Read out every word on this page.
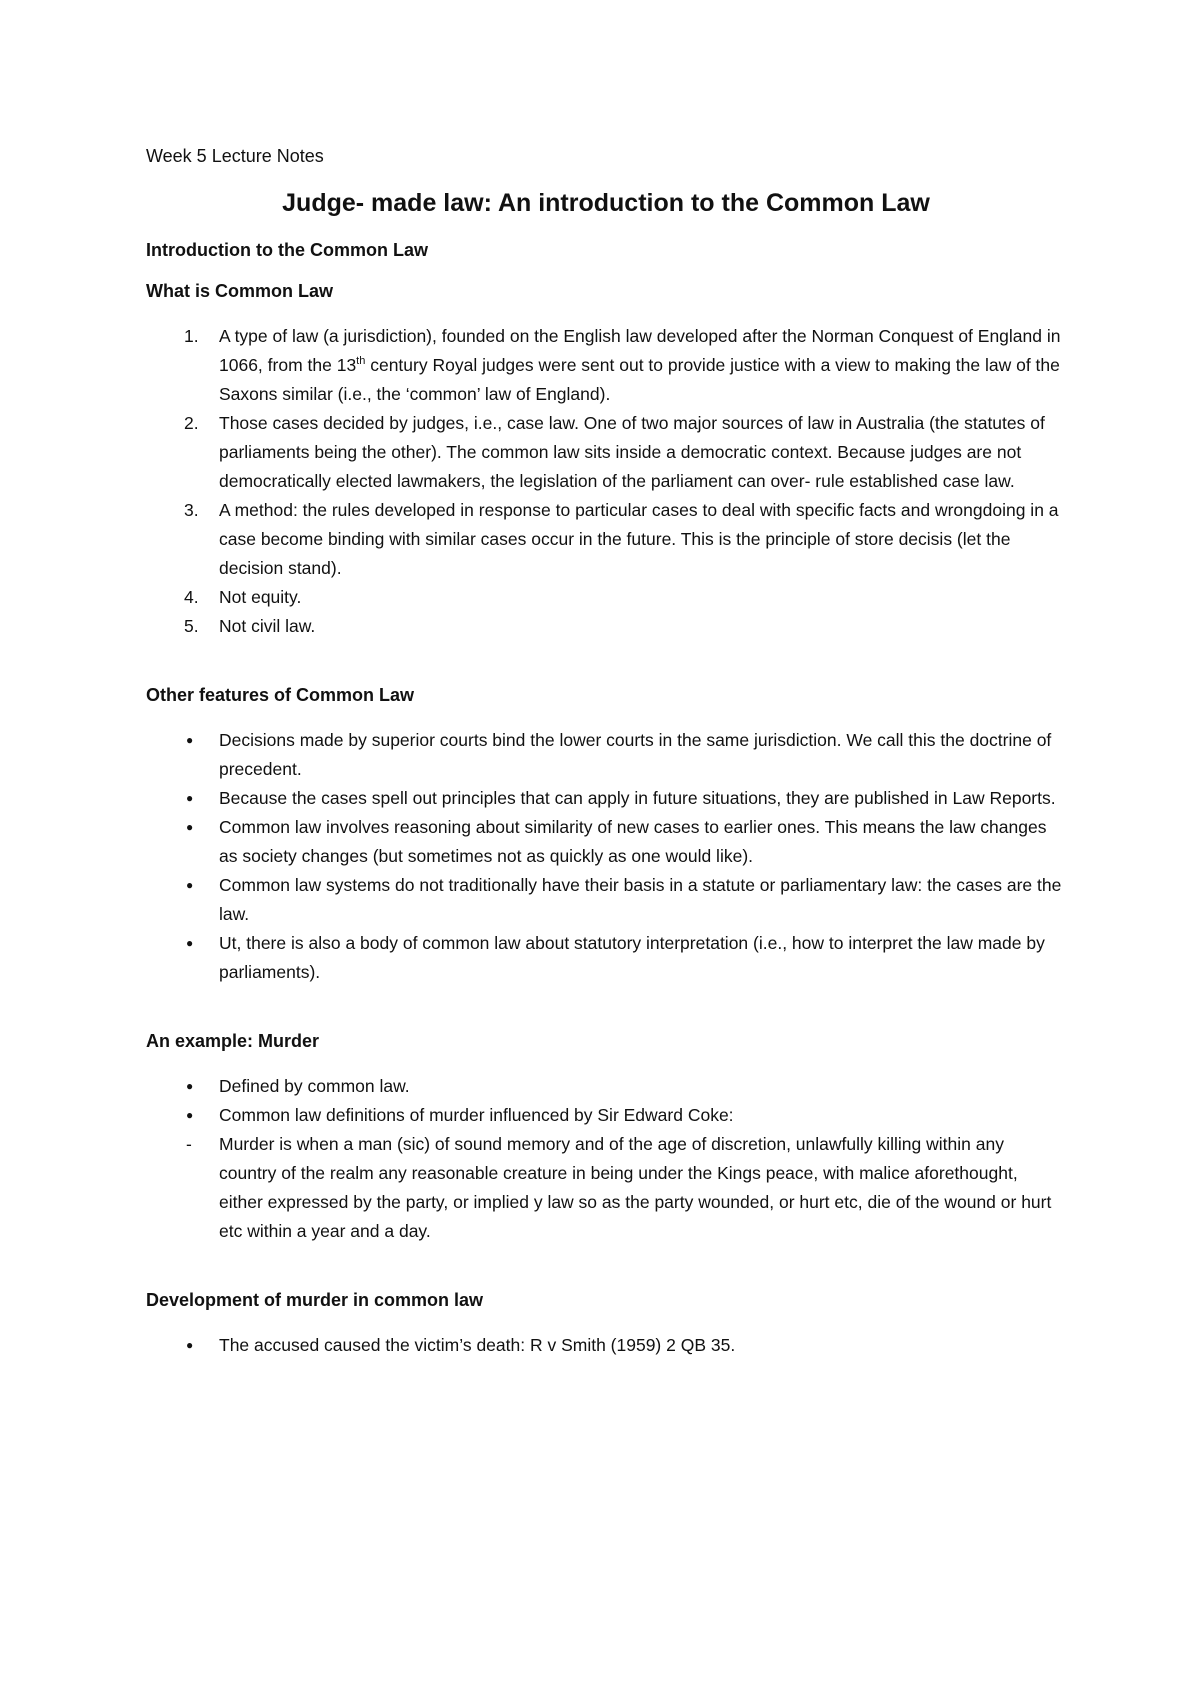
Week 5 Lecture Notes
Judge- made law: An introduction to the Common Law
Introduction to the Common Law
What is Common Law
1. A type of law (a jurisdiction), founded on the English law developed after the Norman Conquest of England in 1066, from the 13th century Royal judges were sent out to provide justice with a view to making the law of the Saxons similar (i.e., the ‘common’ law of England).
2. Those cases decided by judges, i.e., case law. One of two major sources of law in Australia (the statutes of parliaments being the other). The common law sits inside a democratic context. Because judges are not democratically elected lawmakers, the legislation of the parliament can over- rule established case law.
3. A method: the rules developed in response to particular cases to deal with specific facts and wrongdoing in a case become binding with similar cases occur in the future. This is the principle of store decisis (let the decision stand).
4. Not equity.
5. Not civil law.
Other features of Common Law
● Decisions made by superior courts bind the lower courts in the same jurisdiction. We call this the doctrine of precedent.
● Because the cases spell out principles that can apply in future situations, they are published in Law Reports.
● Common law involves reasoning about similarity of new cases to earlier ones. This means the law changes as society changes (but sometimes not as quickly as one would like).
● Common law systems do not traditionally have their basis in a statute or parliamentary law: the cases are the law.
● Ut, there is also a body of common law about statutory interpretation (i.e., how to interpret the law made by parliaments).
An example: Murder
● Defined by common law.
● Common law definitions of murder influenced by Sir Edward Coke:
- Murder is when a man (sic) of sound memory and of the age of discretion, unlawfully killing within any country of the realm any reasonable creature in being under the Kings peace, with malice aforethought, either expressed by the party, or implied y law so as the party wounded, or hurt etc, die of the wound or hurt etc within a year and a day.
Development of murder in common law
● The accused caused the victim’s death: R v Smith (1959) 2 QB 35.
